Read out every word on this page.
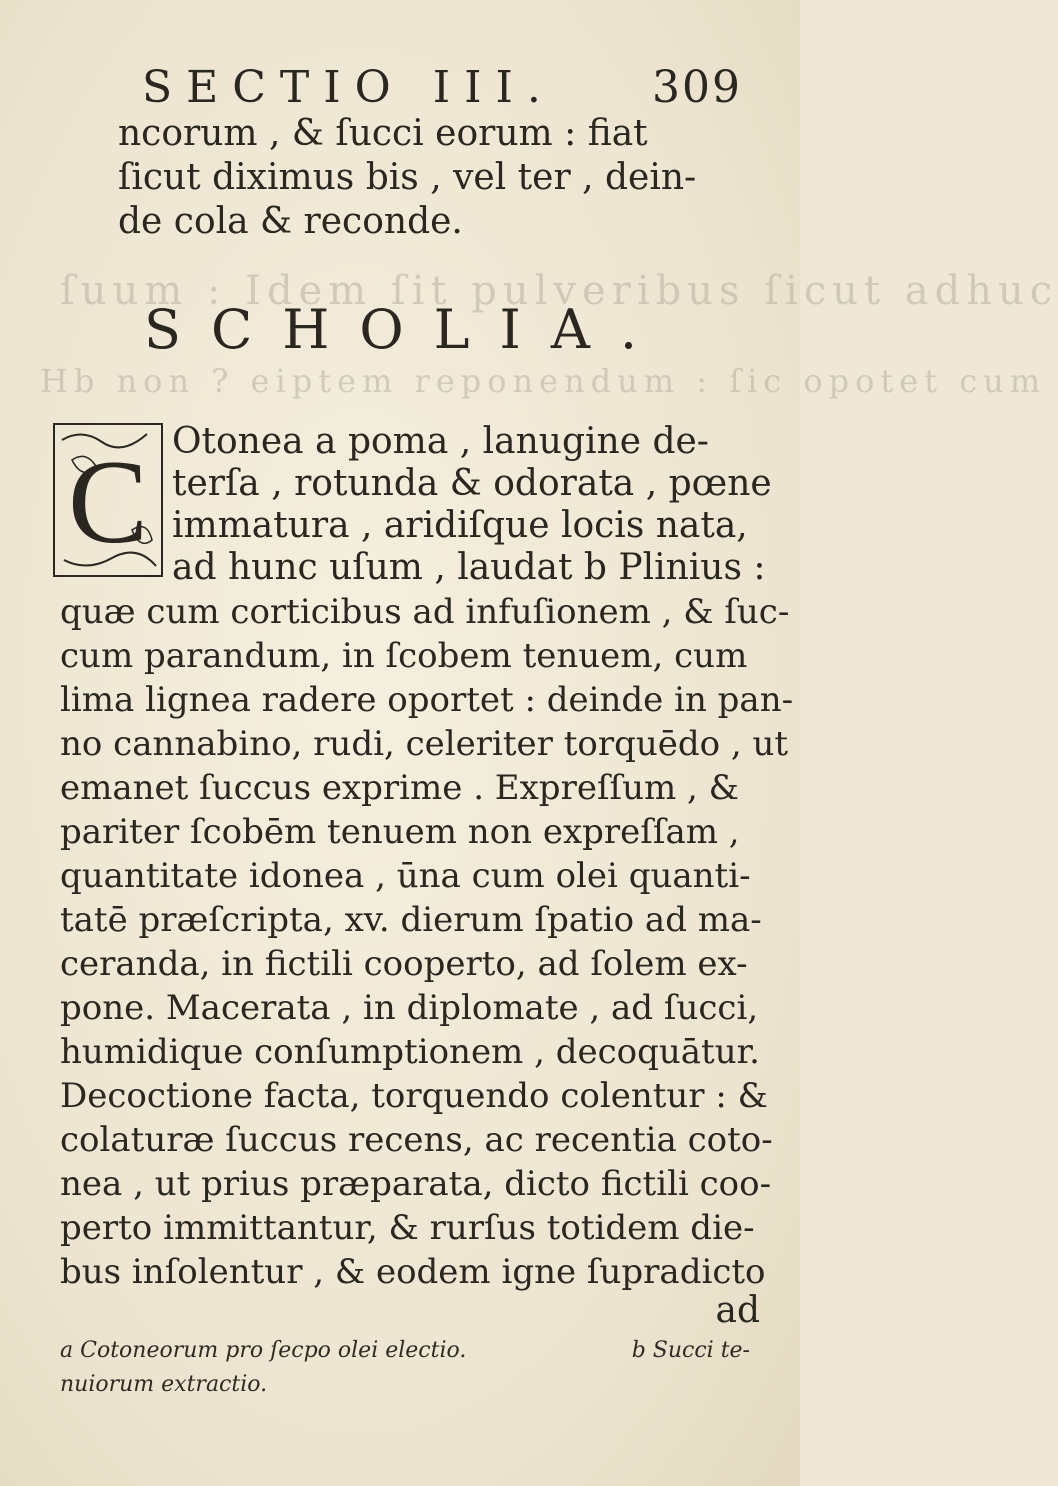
ſuum : Idem ſit pulveribus ſicut adhuc
Hb non ? eiptem reponendum : ſic opotet cum
SECTIO III. 309
ncorum , & ſucci eorum : fiat
ſicut diximus bis , vel ter , dein-
de cola & reconde.
SCHOLIA.
C Otonea a poma , lanugine de-
terſa , rotunda & odorata , pœne
immatura , aridiſque locis nata,
ad hunc uſum , laudat b Plinius :
quæ cum corticibus ad infuſionem , & ſuc-
cum parandum, in ſcobem tenuem, cum
lima lignea radere oportet : deinde in pan-
no cannabino, rudi, celeriter torquēdo , ut
emanet ſuccus exprime . Expreſſum , &
pariter ſcobēm tenuem non expreſſam ,
quantitate idonea , ūna cum olei quanti-
tatē præſcripta, xv. dierum ſpatio ad ma-
ceranda, in fictili cooperto, ad ſolem ex-
pone. Macerata , in diplomate , ad ſucci,
humidique conſumptionem , decoquātur.
Decoctione facta, torquendo colentur : &
colaturæ ſuccus recens, ac recentia coto-
nea , ut prius præparata, dicto fictili coo-
perto immittantur, & rurſus totidem die-
bus inſolentur , & eodem igne ſupradicto
ad
a Cotoneorum pro ſecpo olei electio.	b Succi te-
nuiorum extractio.
